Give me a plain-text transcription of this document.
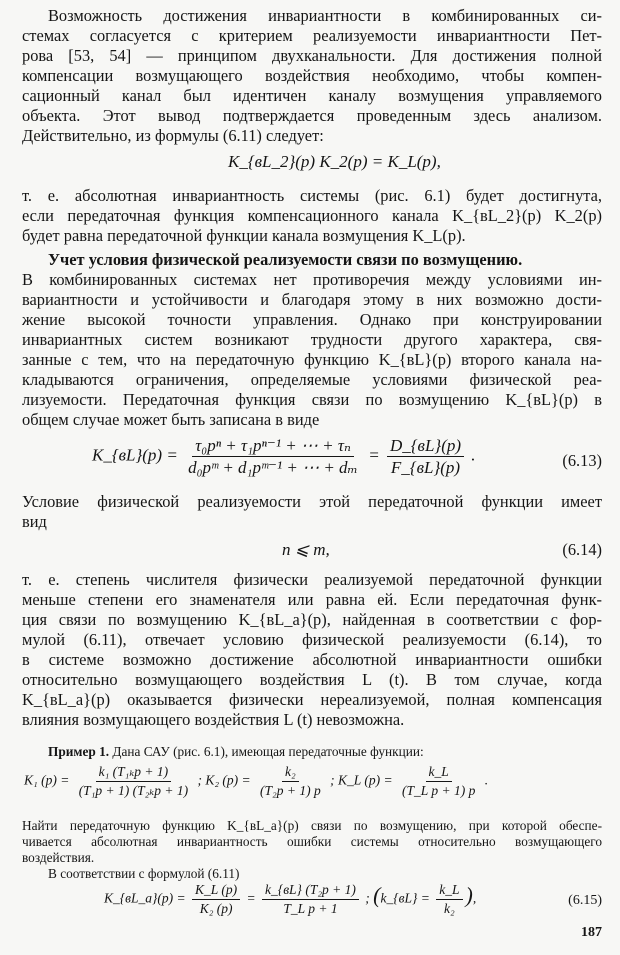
Возможность достижения инвариантности в комбинированных си-
стемах согласуется с критерием реализуемости инвариантности Пет-
рова [53, 54] — принципом двухканальности. Для достижения полной
компенсации возмущающего воздействия необходимо, чтобы компен-
сационный канал был идентичен каналу возмущения управляемого
объекта. Этот вывод подтверждается проведенным здесь анализом.
Действительно, из формулы (6.11) следует:
K_{вL_2}(p) K_2(p) = K_L(p),
т. е. абсолютная инвариантность системы (рис. 6.1) будет достигнута,
если передаточная функция компенсационного канала K_{вL_2}(p) K_2(p)
будет равна передаточной функции канала возмущения K_L(p).
Учет условия физической реализуемости связи по возмущению.
В комбинированных системах нет противоречия между условиями ин-
вариантности и устойчивости и благодаря этому в них возможно дости-
жение высокой точности управления. Однако при конструировании
инвариантных систем возникают трудности другого характера, свя-
занные с тем, что на передаточную функцию K_{вL}(p) второго канала на-
кладываются ограничения, определяемые условиями физической реа-
лизуемости. Передаточная функция связи по возмущению K_{вL}(p) в
общем случае может быть записана в виде
K_{вL}(p) = $\frac{\text{τ₀pⁿ + τ₁pⁿ⁻¹ + ⋯ + τₙ}}{\text{d₀pᵐ + d₁pᵐ⁻¹ + ⋯ + dₘ}} = \frac{D\_\{вL\}(p)}{F\_\{вL\}(p)}$ .	(6.13)
Условие физической реализуемости этой передаточной функции имеет
вид
n ⩽ m,	(6.14)
т. е. степень числителя физически реализуемой передаточной функции
меньше степени его знаменателя или равна ей. Если передаточная функ-
ция связи по возмущению K_{вL_a}(p), найденная в соответствии с фор-
мулой (6.11), отвечает условию физической реализуемости (6.14), то
в системе возможно достижение абсолютной инвариантности ошибки
относительно возмущающего воздействия L (t). В том случае, когда
K_{вL_a}(p) оказывается физически нереализуемой, полная компенсация
влияния возмущающего воздействия L (t) невозможна.
Пример 1. Дана САУ (рис. 6.1), имеющая передаточные функции:
K₁ $(p) = \frac{\text{k₁ (T₁ₖp + 1)}}{\text{(T₁p + 1) (T₂ₖp + 1)}}$ ; K₂ $(p) = \frac{\text{k₂}}{\text{(T₂p + 1) p}}$ ; K_L $(p) = \frac{k\_L}{\text{(T\_L p + 1) p}}$ .
Найти передаточную функцию K_{вL_а}(p) связи по возмущению, при которой обеспе-
чивается абсолютная инвариантность ошибки системы относительно возмущающего
воздействия.
В соответствии с формулой (6.11)
K_{вL_а}(p) = $\frac{K\_L (p)}{\text{K₂ (p)}} = \frac{\text{k\_\{вL\} (T₂p + 1)}}{\text{T\_L p + 1}}$ ; (k_{вL} = $\frac{k\_L}{\text{k₂}}$ ),	(6.15)
187
